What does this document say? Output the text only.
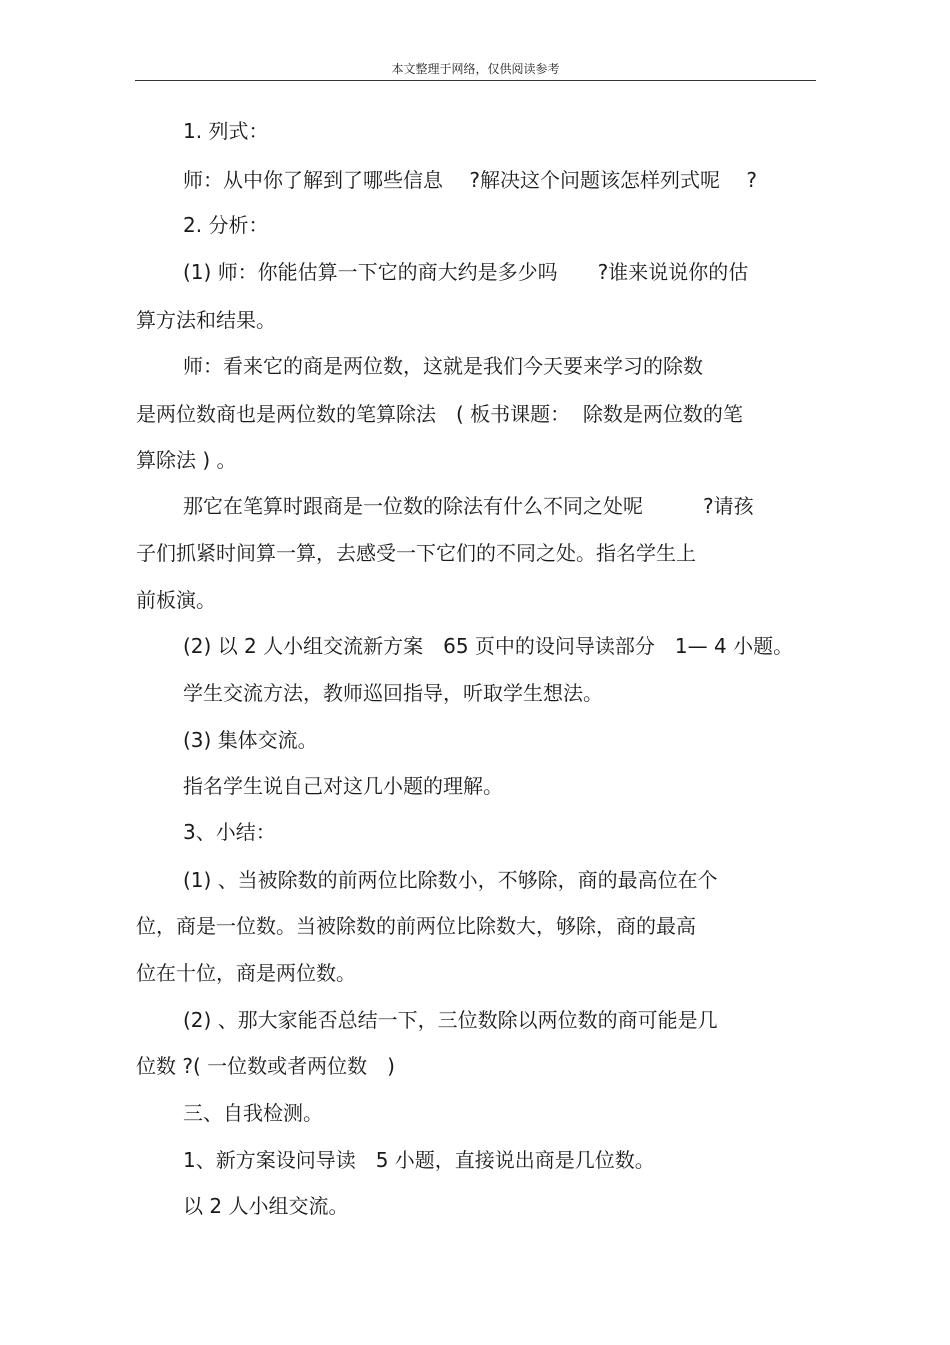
本文整理于网络，仅供阅读参考
1. 列式：
师：从中你了解到了哪些信息　 ?解决这个问题该怎样列式呢　 ?
2. 分析：
(1) 师：你能估算一下它的商大约是多少吗　　?谁来说说你的估
算方法和结果。
师：看来它的商是两位数，这就是我们今天要来学习的除数
是两位数商也是两位数的笔算除法　( 板书课题：  除数是两位数的笔
算除法 ) 。
那它在笔算时跟商是一位数的除法有什么不同之处呢　　　?请孩
子们抓紧时间算一算，去感受一下它们的不同之处。指名学生上
前板演。
(2) 以 2 人小组交流新方案　65 页中的设问导读部分　1— 4 小题。
学生交流方法，教师巡回指导，听取学生想法。
(3) 集体交流。
指名学生说自己对这几小题的理解。
3、小结：
(1) 、当被除数的前两位比除数小，不够除，商的最高位在个
位，商是一位数。当被除数的前两位比除数大，够除，商的最高
位在十位，商是两位数。
(2) 、那大家能否总结一下，三位数除以两位数的商可能是几
位数 ?( 一位数或者两位数　)
三、自我检测。
1、新方案设问导读　5 小题，直接说出商是几位数。
以 2 人小组交流。
